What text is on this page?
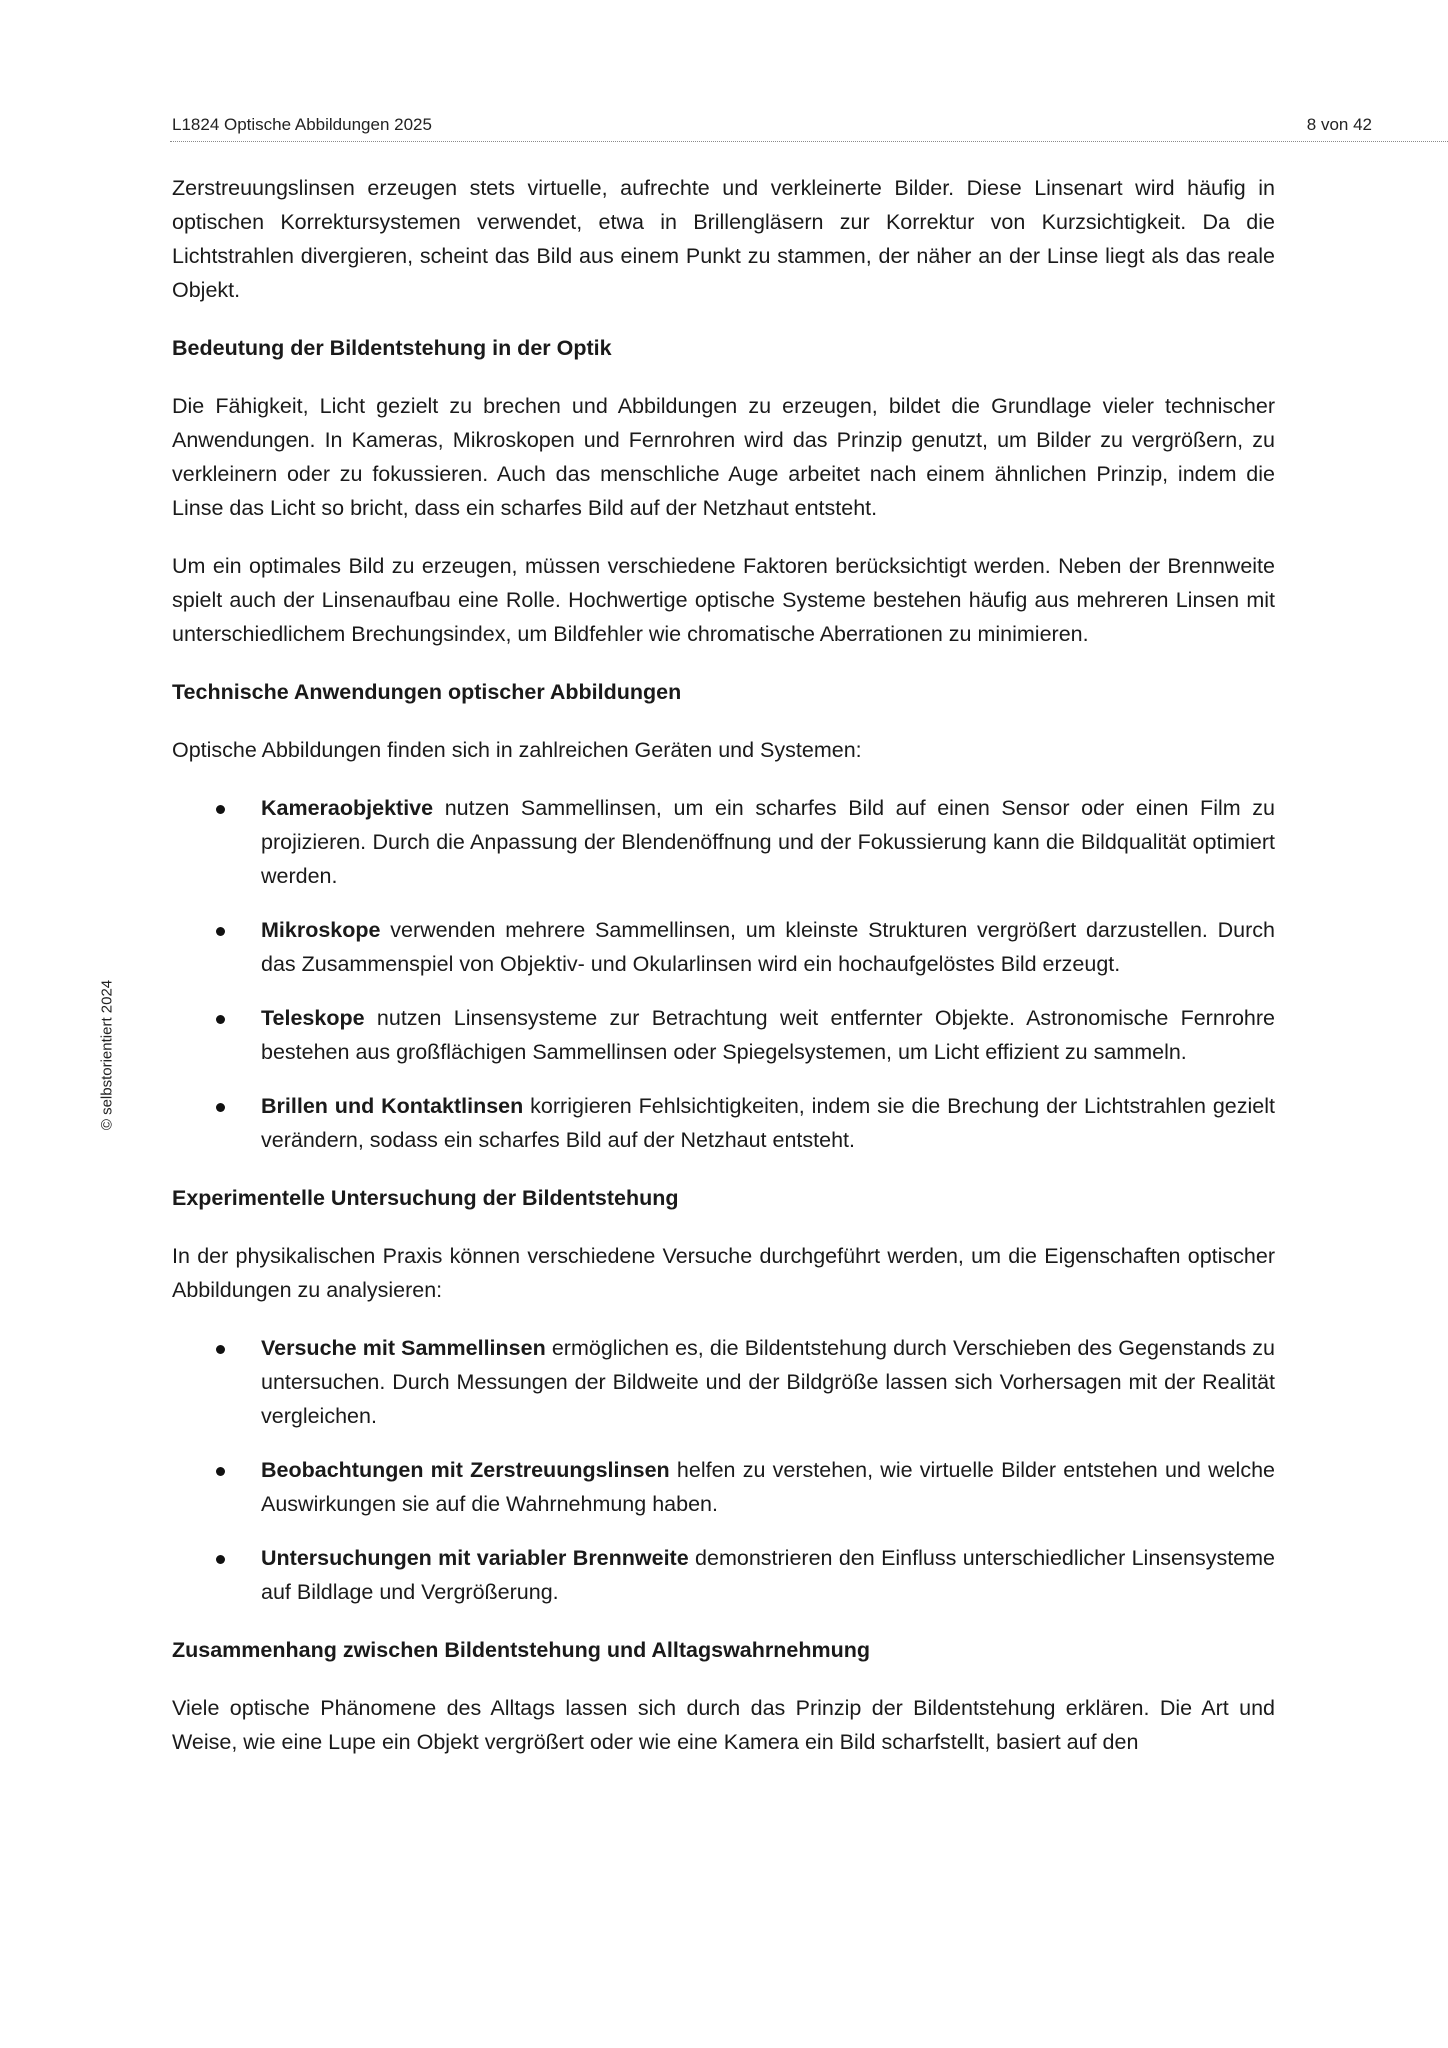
L1824 Optische Abbildungen 2025	8 von 42
© selbstorientiert 2024

Zerstreuungslinsen erzeugen stets virtuelle, aufrechte und verkleinerte Bilder. Diese Linsenart wird häufig in optischen Korrektursystemen verwendet, etwa in Brillengläsern zur Korrektur von Kurzsichtigkeit. Da die Lichtstrahlen divergieren, scheint das Bild aus einem Punkt zu stammen, der näher an der Linse liegt als das reale Objekt.

Bedeutung der Bildentstehung in der Optik

Die Fähigkeit, Licht gezielt zu brechen und Abbildungen zu erzeugen, bildet die Grundlage vieler technischer Anwendungen. In Kameras, Mikroskopen und Fernrohren wird das Prinzip genutzt, um Bilder zu vergrößern, zu verkleinern oder zu fokussieren. Auch das menschliche Auge arbeitet nach einem ähnlichen Prinzip, indem die Linse das Licht so bricht, dass ein scharfes Bild auf der Netzhaut entsteht.

Um ein optimales Bild zu erzeugen, müssen verschiedene Faktoren berücksichtigt werden. Neben der Brennweite spielt auch der Linsenaufbau eine Rolle. Hochwertige optische Systeme bestehen häufig aus mehreren Linsen mit unterschiedlichem Brechungsindex, um Bildfehler wie chromatische Aberrationen zu minimieren.

Technische Anwendungen optischer Abbildungen

Optische Abbildungen finden sich in zahlreichen Geräten und Systemen:

Kameraobjektive nutzen Sammellinsen, um ein scharfes Bild auf einen Sensor oder einen Film zu projizieren. Durch die Anpassung der Blendenöffnung und der Fokussierung kann die Bildqualität optimiert werden.
Mikroskope verwenden mehrere Sammellinsen, um kleinste Strukturen vergrößert darzustellen. Durch das Zusammenspiel von Objektiv- und Okularlinsen wird ein hochaufgelöstes Bild erzeugt.
Teleskope nutzen Linsensysteme zur Betrachtung weit entfernter Objekte. Astronomische Fernrohre bestehen aus großflächigen Sammellinsen oder Spiegelsystemen, um Licht effizient zu sammeln.
Brillen und Kontaktlinsen korrigieren Fehlsichtigkeiten, indem sie die Brechung der Lichtstrahlen gezielt verändern, sodass ein scharfes Bild auf der Netzhaut entsteht.
Experimentelle Untersuchung der Bildentstehung

In der physikalischen Praxis können verschiedene Versuche durchgeführt werden, um die Eigenschaften optischer Abbildungen zu analysieren:

Versuche mit Sammellinsen ermöglichen es, die Bildentstehung durch Verschieben des Gegenstands zu untersuchen. Durch Messungen der Bildweite und der Bildgröße lassen sich Vorhersagen mit der Realität vergleichen.
Beobachtungen mit Zerstreuungslinsen helfen zu verstehen, wie virtuelle Bilder entstehen und welche Auswirkungen sie auf die Wahrnehmung haben.
Untersuchungen mit variabler Brennweite demonstrieren den Einfluss unterschiedlicher Linsensysteme auf Bildlage und Vergrößerung.
Zusammenhang zwischen Bildentstehung und Alltagswahrnehmung

Viele optische Phänomene des Alltags lassen sich durch das Prinzip der Bildentstehung erklären. Die Art und Weise, wie eine Lupe ein Objekt vergrößert oder wie eine Kamera ein Bild scharfstellt, basiert auf den
